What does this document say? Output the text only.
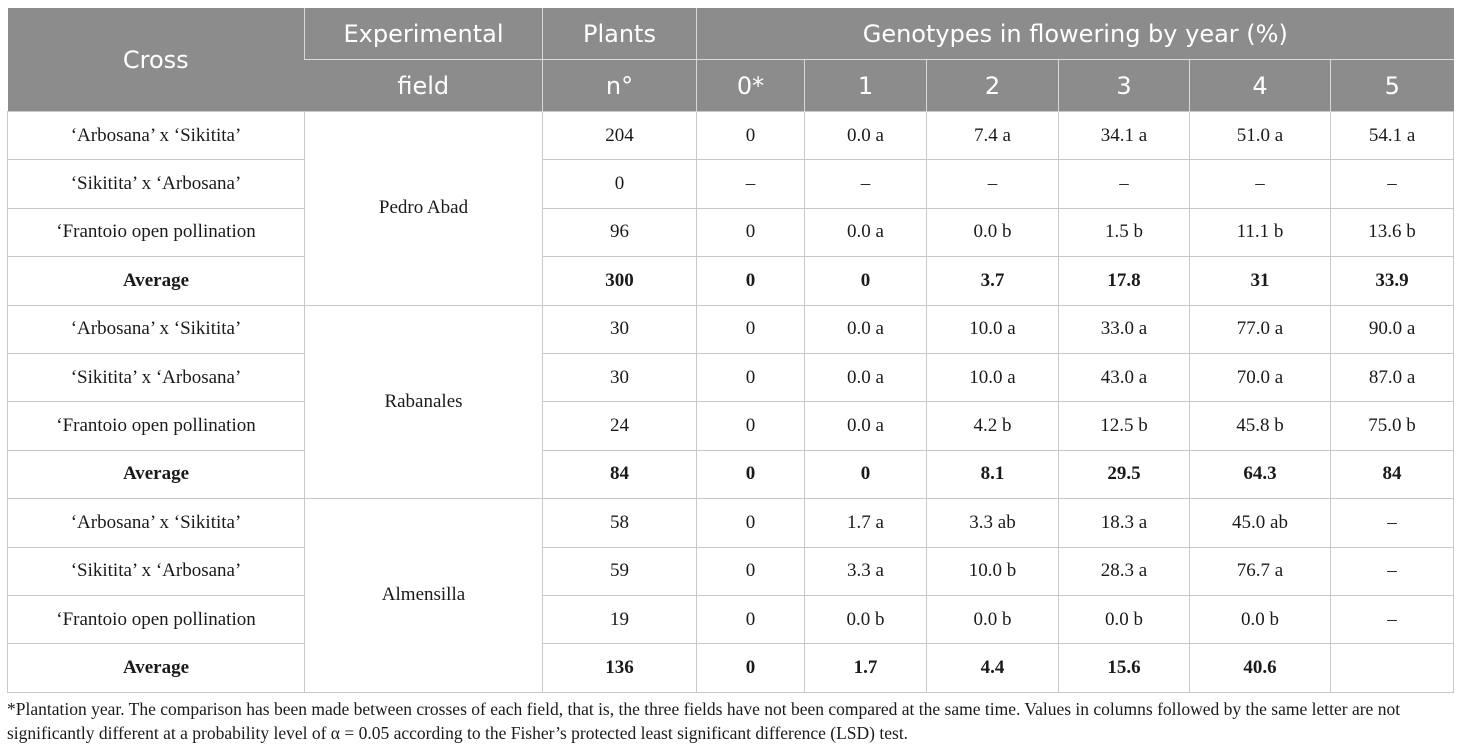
Cross	Experimental	Plants	Genotypes in flowering by year (%)					
	field	n°	0*	1	2	3	4	5
‘Arbosana’ x ‘Sikitita’	Pedro Abad	204	0	0.0 a	7.4 a	34.1 a	51.0 a	54.1 a
‘Sikitita’ x ‘Arbosana’		0	–	–	–	–	–	–
‘Frantoio open pollination		96	0	0.0 a	0.0 b	1.5 b	11.1 b	13.6 b
Average		300	0	0	3.7	17.8	31	33.9
‘Arbosana’ x ‘Sikitita’	Rabanales	30	0	0.0 a	10.0 a	33.0 a	77.0 a	90.0 a
‘Sikitita’ x ‘Arbosana’		30	0	0.0 a	10.0 a	43.0 a	70.0 a	87.0 a
‘Frantoio open pollination		24	0	0.0 a	4.2 b	12.5 b	45.8 b	75.0 b
Average		84	0	0	8.1	29.5	64.3	84
‘Arbosana’ x ‘Sikitita’	Almensilla	58	0	1.7 a	3.3 ab	18.3 a	45.0 ab	–
‘Sikitita’ x ‘Arbosana’		59	0	3.3 a	10.0 b	28.3 a	76.7 a	–
‘Frantoio open pollination		19	0	0.0 b	0.0 b	0.0 b	0.0 b	–
Average		136	0	1.7	4.4	15.6	40.6	
*Plantation year. The comparison has been made between crosses of each field, that is, the three fields have not been compared at the same time. Values in columns followed by the same letter are not significantly different at a probability level of α = 0.05 according to the Fisher’s protected least significant difference (LSD) test.
